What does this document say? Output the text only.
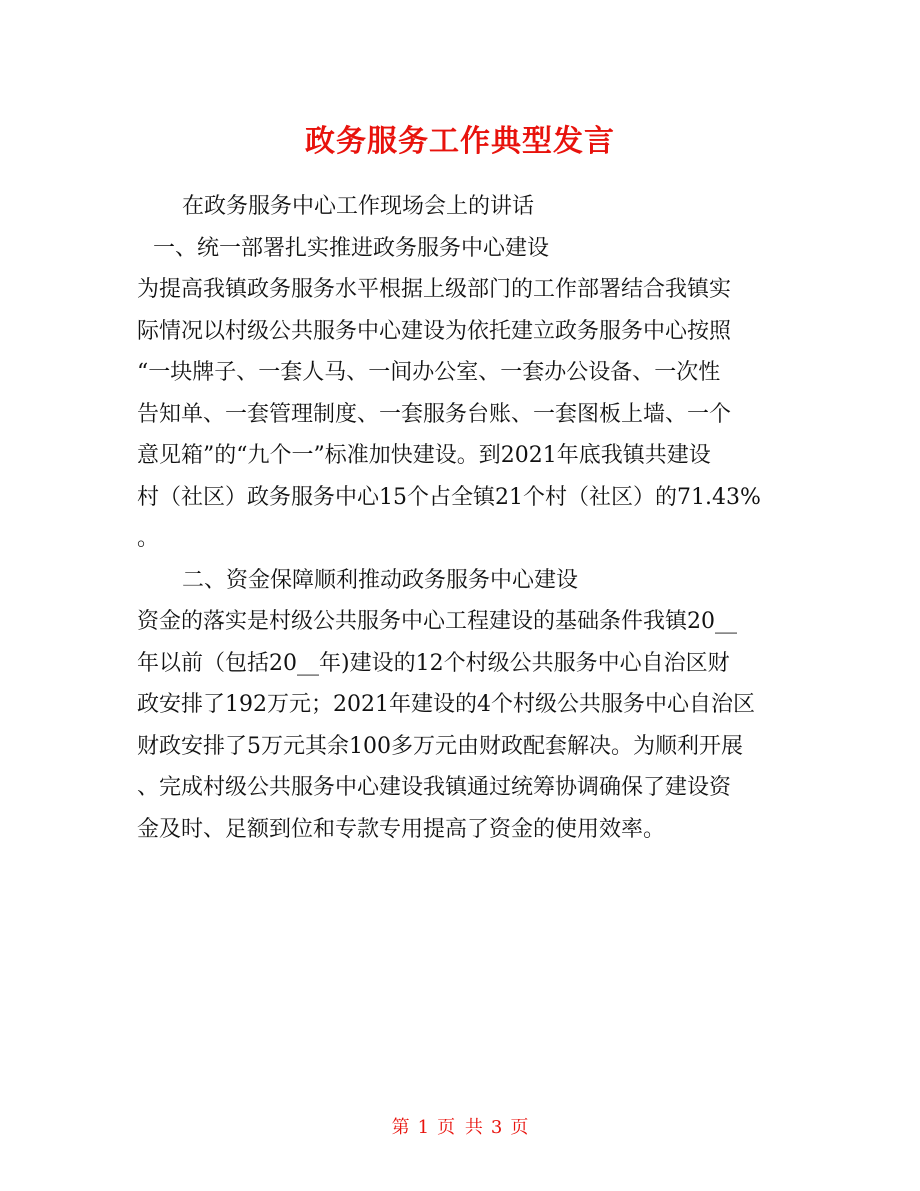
政务服务工作典型发言
在政务服务中心工作现场会上的讲话
一、统一部署扎实推进政务服务中心建设
为提高我镇政务服务水平根据上级部门的工作部署结合我镇实
际情况以村级公共服务中心建设为依托建立政务服务中心按照
“一块牌子、一套人马、一间办公室、一套办公设备、一次性
告知单、一套管理制度、一套服务台账、一套图板上墙、一个
意见箱”的“九个一”标准加快建设。到2021年底我镇共建设
村（社区）政务服务中心15个占全镇21个村（社区）的71.43%
。
二、资金保障顺利推动政务服务中心建设
资金的落实是村级公共服务中心工程建设的基础条件我镇20__
年以前（包括20__年)建设的12个村级公共服务中心自治区财
政安排了192万元；2021年建设的4个村级公共服务中心自治区
财政安排了5万元其余100多万元由财政配套解决。为顺利开展
、完成村级公共服务中心建设我镇通过统筹协调确保了建设资
金及时、足额到位和专款专用提高了资金的使用效率。
第 1 页 共 3 页
